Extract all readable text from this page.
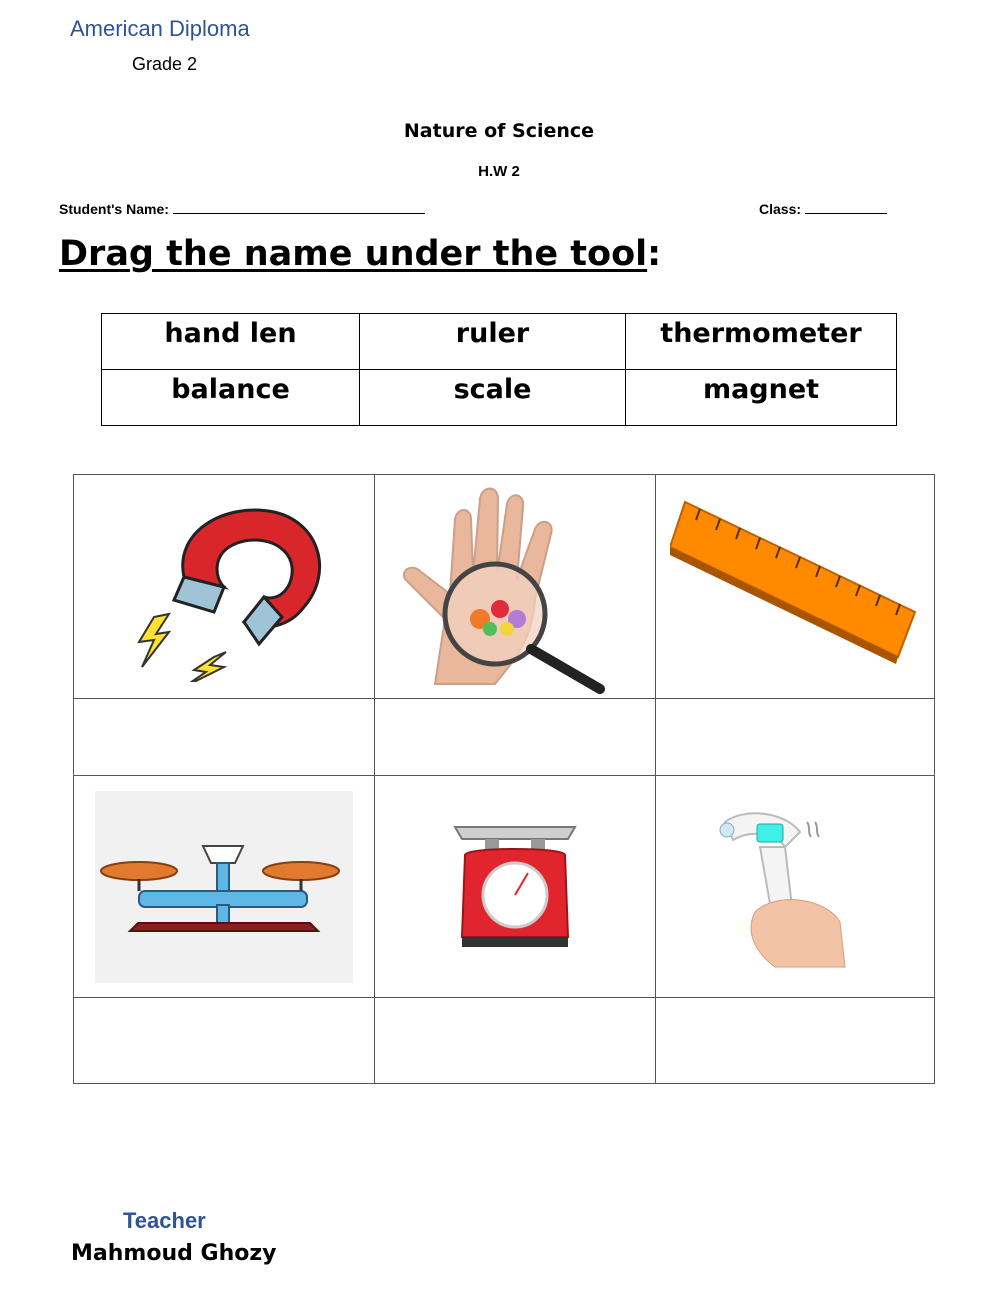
American Diploma
Grade 2
Nature of Science
H.W 2
Student's Name:	Class:
Drag the name under the tool:
hand len	ruler	thermometer
balance	scale	magnet

Teacher
Mahmoud Ghozy
